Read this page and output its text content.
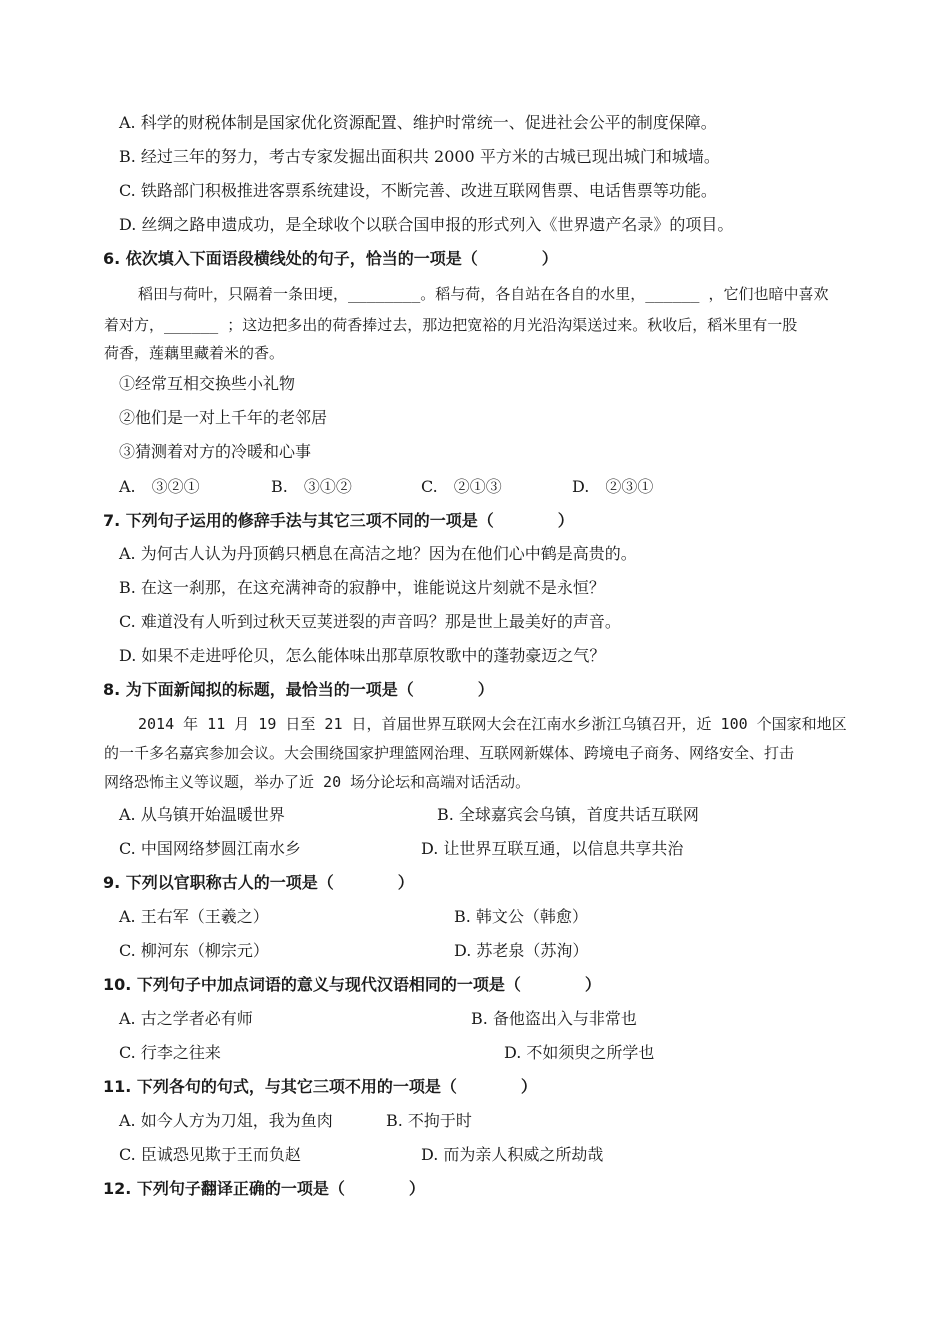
A. 科学的财税体制是国家优化资源配置、维护时常统一、促进社会公平的制度保障。
B. 经过三年的努力，考古专家发掘出面积共 2000 平方米的古城已现出城门和城墙。
C. 铁路部门积极推进客票系统建设，不断完善、改进互联网售票、电话售票等功能。
D. 丝绸之路申遗成功，是全球收个以联合国申报的形式列入《世界遗产名录》的项目。
6. 依次填入下面语段横线处的句子，恰当的一项是（　　　　）
稻田与荷叶，只隔着一条田埂，________。稻与荷，各自站在各自的水里，______ ，它们也暗中喜欢
着对方，______ ；这边把多出的荷香捧过去，那边把宽裕的月光沿沟渠送过来。秋收后，稻米里有一股
荷香，莲藕里藏着米的香。
①经常互相交换些小礼物
②他们是一对上千年的老邻居
③猜测着对方的冷暖和心事
A.　③②①	B.　③①②	C.　②①③	D.　②③①
7. 下列句子运用的修辞手法与其它三项不同的一项是（　　　　）
A. 为何古人认为丹顶鹤只栖息在高洁之地？因为在他们心中鹤是高贵的。
B. 在这一刹那，在这充满神奇的寂静中，谁能说这片刻就不是永恒？
C. 难道没有人听到过秋天豆荚迸裂的声音吗？那是世上最美好的声音。
D. 如果不走进呼伦贝，怎么能体味出那草原牧歌中的蓬勃豪迈之气？
8. 为下面新闻拟的标题，最恰当的一项是（　　　　）
2014 年 11 月 19 日至 21 日，首届世界互联网大会在江南水乡浙江乌镇召开，近 100 个国家和地区
的一千多名嘉宾参加会议。大会围绕国家护理篮网治理、互联网新媒体、跨境电子商务、网络安全、打击
网络恐怖主义等议题，举办了近 20 场分论坛和高端对话活动。
A. 从乌镇开始温暖世界	B. 全球嘉宾会乌镇，首度共话互联网
C. 中国网络梦圆江南水乡	D. 让世界互联互通，以信息共享共治
9. 下列以官职称古人的一项是（　　　　）
A. 王右军（王羲之）	B. 韩文公（韩愈）
C. 柳河东（柳宗元）	D. 苏老泉（苏洵）
10. 下列句子中加点词语的意义与现代汉语相同的一项是（　　　　）
A. 古之学者必有师	B. 备他盗出入与非常也
C. 行李之往来	D. 不如须臾之所学也
11. 下列各句的句式，与其它三项不用的一项是（　　　　）
A. 如今人方为刀俎，我为鱼肉	B. 不拘于时
C. 臣诚恐见欺于王而负赵	D. 而为亲人积威之所劫哉
12. 下列句子翻译正确的一项是（　　　　）
